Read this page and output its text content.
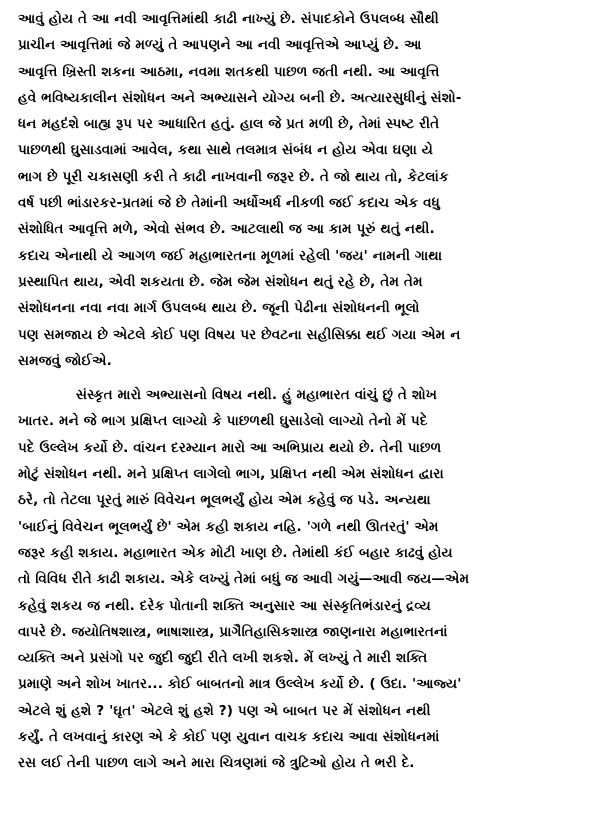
આવું હોય તે આ નવી આવૃત્તિમાંથી કાઢી નાખ્યું છે. સંપાદકોને ઉપલબ્ધ સૌથી
પ્રાચીન આવૃત્તિમાં જે મળ્યું તે આપણને આ નવી આવૃત્તિએ આપ્યું છે. આ
આવૃત્તિ ખ્રિસ્તી શકના આઠમા, નવમા શતકથી પાછળ જતી નથી. આ આવૃત્તિ
હવે ભવિષ્યકાલીન સંશોધન અને અભ્યાસને યોગ્ય બની છે. અત્યારસુધીનું સંશો-
ધન મહદંશે બાહ્ય રૂપ પર આધારિત હતું. હાલ જે પ્રત મળી છે, તેમાં સ્પષ્ટ રીતે
પાછળથી ઘુસાડવામાં આવેલ, કથા સાથે તલમાત્ર સંબંધ ન હોય એવા ઘણા યે
ભાગ છે પૂરી ચકાસણી કરી તે કાઢી નાખવાની જરૂર છે. તે જો થાય તો, કેટલાંક
વર્ષ પછી ભાંડારકર-પ્રતમાં જે છે તેમાંની અર્ધોઅર્ધ નીકળી જઈ કદાચ એક વધુ
સંશોધિત આવૃત્તિ મળે, એવો સંભવ છે. આટલાથી જ આ કામ પૂરું થતું નથી.
કદાચ એનાથી યે આગળ જઈ મહાભારતના મૂળમાં રહેલી 'જય' નામની ગાથા
પ્રસ્થાપિત થાય, એવી શકયતા છે. જેમ જેમ સંશોધન થતું રહે છે, તેમ તેમ
સંશોધનના નવા નવા માર્ગ ઉપલબ્ધ થાય છે. જૂની પેઢીના સંશોધનની ભૂલો
પણ સમજાય છે એટલે કોઈ પણ વિષય પર છેવટના સહીસિક્કા થઈ ગયા એમ ન
સમજવું જોઈએ.
સંસ્કૃત મારો અભ્યાસનો વિષય નથી. હું મહાભારત વાંચું છું તે શોખ
ખાતર. મને જે ભાગ પ્રક્ષિપ્ત લાગ્યો કે પાછળથી ઘુસાડેલો લાગ્યો તેનો મેં પદે
પદે ઉલ્લેખ કર્યો છે. વાંચન દરમ્યાન મારો આ અભિપ્રાય થયો છે. તેની પાછળ
મોટું સંશોધન નથી. મને પ્રક્ષિપ્ત લાગેલો ભાગ, પ્રક્ષિપ્ત નથી એમ સંશોધન દ્વારા
ઠરે, તો તેટલા પૂરતું મારું વિવેચન ભૂલભર્યું હોય એમ કહેવું જ પડે. અન્યથા
'બાઈનું વિવેચન ભૂલભર્યું છે' એમ કહી શકાય નહિ. 'ગળે નથી ઊતરતું' એમ
જરૂર કહી શકાય. મહાભારત એક મોટી ખાણ છે. તેમાંથી કંઈ બહાર કાઢવું હોય
તો વિવિધ રીતે કાઢી શકાય. એકે લખ્યું તેમાં બધું જ આવી ગયું—આવી જય—એમ
કહેવું શકય જ નથી. દરેક પોતાની શક્તિ અનુસાર આ સંસ્કૃતિભંડારનું દ્રવ્ય
વાપરે છે. જયોતિષશાસ્ત્ર, ભાષાશાસ્ત્ર, પ્રાગૈતિહાસિકશાસ્ત્ર જાણનારા મહાભારતનાં
વ્યક્તિ અને પ્રસંગો પર જુદી જુદી રીતે લખી શકશે. મેં લખ્યું તે મારી શક્તિ
પ્રમાણે અને શોખ ખાતર... કોઈ બાબતનો માત્ર ઉલ્લેખ કર્યો છે. ( ઉદા. 'આજ્ય'
એટલે શું હશે ? 'ઘૃત' એટલે શું હશે ?) પણ એ બાબત પર મેં સંશોધન નથી
કર્યું. તે લખવાનું કારણ એ કે કોઈ પણ યુવાન વાચક કદાચ આવા સંશોધનમાં
રસ લઈ તેની પાછળ લાગે અને મારા ચિત્રણમાં જે ત્રુટિઓ હોય તે ભરી દે.
